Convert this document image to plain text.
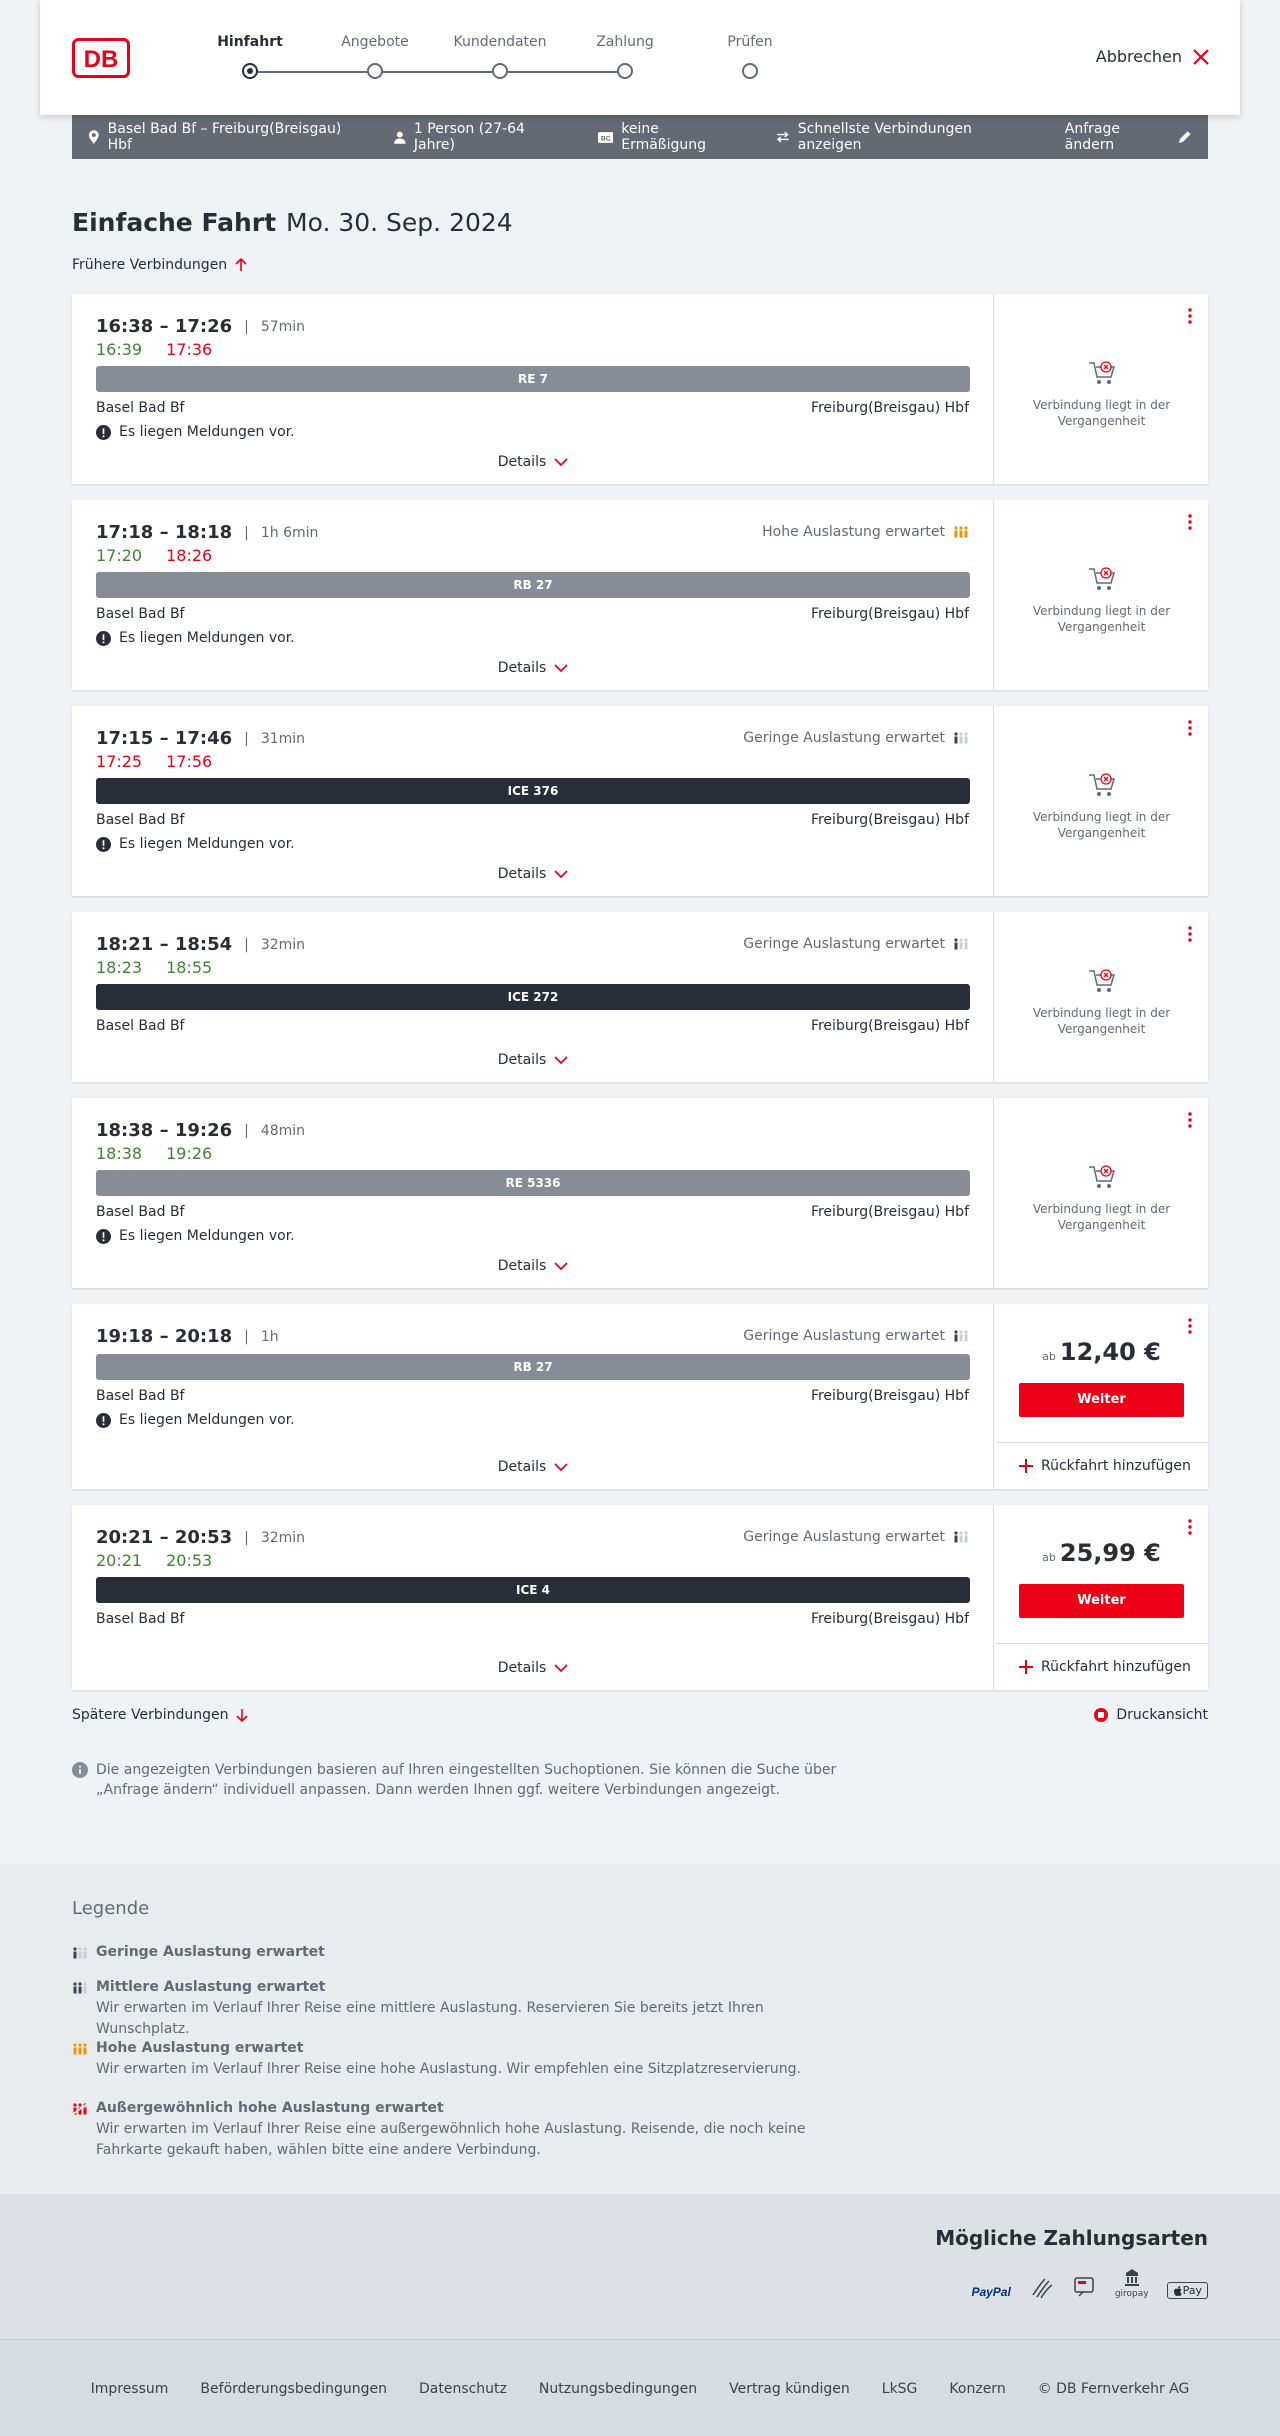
DB
Hinfahrt	Angebote	Kundendaten	Zahlung	Prüfen
Abbrechen
Basel Bad Bf – Freiburg(Breisgau) Hbf
1 Person (27-64 Jahre)	BC
keine Ermäßigung
Schnellste Verbindungen anzeigen
Anfrage ändern
Einfache Fahrt Mo. 30. Sep. 2024
Frühere Verbindungen
16:38 – 17:26 | 57min
16:39 17:36
RE 7
Basel Bad Bf	Freiburg(Breisgau) Hbf
Es liegen Meldungen vor.
Details
Verbindung liegt in der Vergangenheit
17:18 – 18:18 | 1h 6min
17:20 18:26
Hohe Auslastung erwartet
RB 27
Basel Bad Bf	Freiburg(Breisgau) Hbf
Es liegen Meldungen vor.
Details
Verbindung liegt in der Vergangenheit
17:15 – 17:46 | 31min
17:25 17:56
Geringe Auslastung erwartet
ICE 376
Basel Bad Bf	Freiburg(Breisgau) Hbf
Es liegen Meldungen vor.
Details
Verbindung liegt in der Vergangenheit
18:21 – 18:54 | 32min
18:23 18:55
Geringe Auslastung erwartet
ICE 272
Basel Bad Bf	Freiburg(Breisgau) Hbf
Details
Verbindung liegt in der Vergangenheit
18:38 – 19:26 | 48min
18:38 19:26
RE 5336
Basel Bad Bf	Freiburg(Breisgau) Hbf
Es liegen Meldungen vor.
Details
Verbindung liegt in der Vergangenheit
19:18 – 20:18 | 1h	Geringe Auslastung erwartet
RB 27
Basel Bad Bf	Freiburg(Breisgau) Hbf
Es liegen Meldungen vor.
Details
ab 12,40 €
Weiter
Rückfahrt hinzufügen
20:21 – 20:53 | 32min
20:21 20:53
Geringe Auslastung erwartet
ICE 4
Basel Bad Bf	Freiburg(Breisgau) Hbf
Details
ab 25,99 €
Weiter
Rückfahrt hinzufügen
Spätere Verbindungen	Druckansicht
Die angezeigten Verbindungen basieren auf Ihren eingestellten Suchoptionen. Sie können die Suche über „Anfrage ändern“ individuell anpassen. Dann werden Ihnen ggf. weitere Verbindungen angezeigt.
Legende
Geringe Auslastung erwartet
Mittlere Auslastung erwartet
Wir erwarten im Verlauf Ihrer Reise eine mittlere Auslastung. Reservieren Sie bereits jetzt Ihren Wunschplatz.
Hohe Auslastung erwartet
Wir erwarten im Verlauf Ihrer Reise eine hohe Auslastung. Wir empfehlen eine Sitzplatzreservierung.
Außergewöhnlich hohe Auslastung erwartet
Wir erwarten im Verlauf Ihrer Reise eine außergewöhnlich hohe Auslastung. Reisende, die noch keine Fahrkarte gekauft haben, wählen bitte eine andere Verbindung.
Mögliche Zahlungsarten
PayPal	giropay	Pay
Impressum Beförderungsbedingungen Datenschutz Nutzungsbedingungen Vertrag kündigen LkSG Konzern © DB Fernverkehr AG
